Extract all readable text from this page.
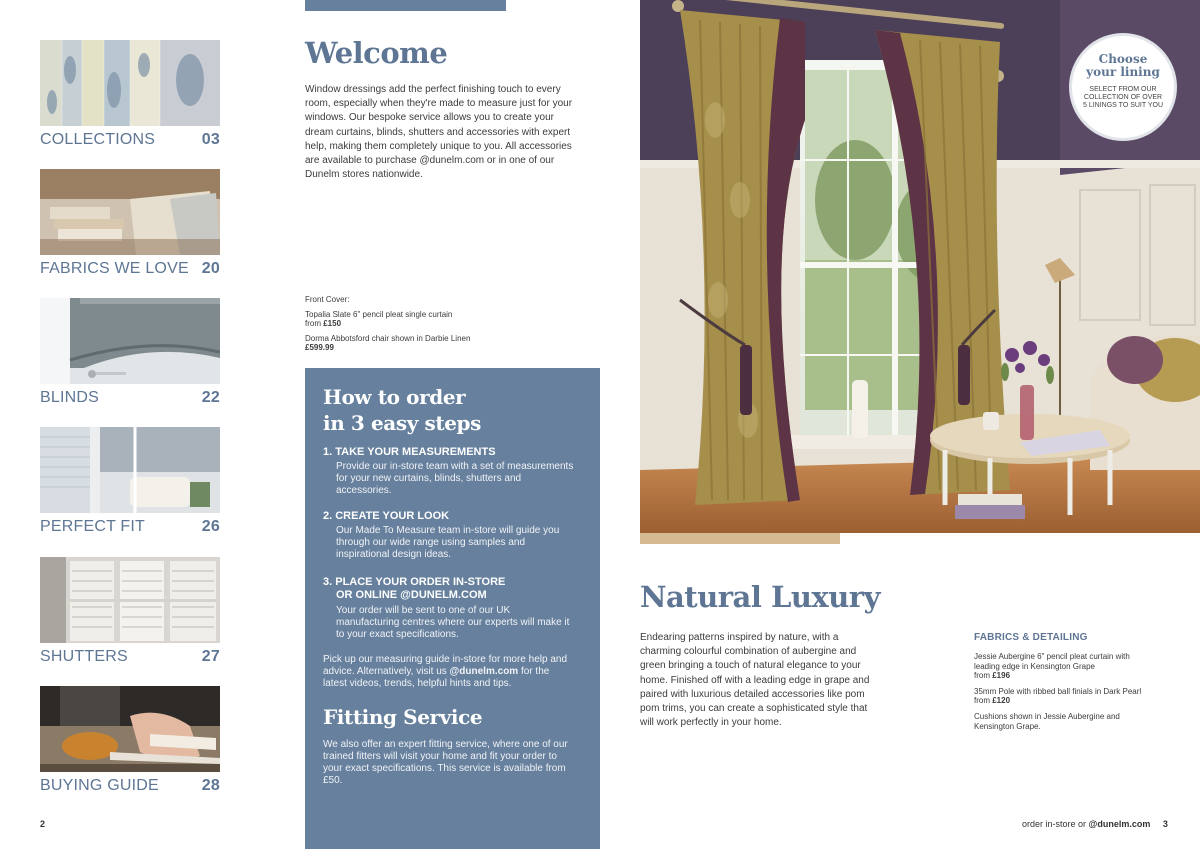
COLLECTIONS	03
FABRICS WE LOVE 20
BLINDS	22
PERFECT FIT	26
SHUTTERS	27
BUYING GUIDE	28
2
Welcome
Window dressings add the perfect finishing touch to every room, especially when they're made to measure just for your windows. Our bespoke service allows you to create your dream curtains, blinds, shutters and accessories with expert help, making them completely unique to you. All accessories are available to purchase @dunelm.com or in one of our Dunelm stores nationwide.

Front Cover:

Topalia Slate 6" pencil pleat single curtain
from £150

Dorma Abbotsford chair shown in Darbie Linen
£599.99

How to order
in 3 easy steps
1. TAKE YOUR MEASUREMENTS
Provide our in-store team with a set of measurements for your new curtains, blinds, shutters and accessories.
2. CREATE YOUR LOOK
Our Made To Measure team in-store will guide you through our wide range using samples and inspirational design ideas.
3. PLACE YOUR ORDER IN-STORE
OR ONLINE @DUNELM.COM
Your order will be sent to one of our UK manufacturing centres where our experts will make it to your exact specifications.
Pick up our measuring guide in-store for more help and advice. Alternatively, visit us @dunelm.com for the latest videos, trends, helpful hints and tips.
Fitting Service
We also offer an expert fitting service, where one of our trained fitters will visit your home and fit your order to your exact specifications. This service is available from £50.
Choose
your lining
SELECT FROM OUR COLLECTION OF OVER 5 LININGS TO SUIT YOU
Natural Luxury
Endearing patterns inspired by nature, with a charming colourful combination of aubergine and green bringing a touch of natural elegance to your home. Finished off with a leading edge in grape and paired with luxurious detailed accessories like pom pom trims, you can create a sophisticated style that will work perfectly in your home.
FABRICS & DETAILING

Jessie Aubergine 6" pencil pleat curtain with leading edge in Kensington Grape
from £196

35mm Pole with ribbed ball finials in Dark Pearl
from £120

Cushions shown in Jessie Aubergine and Kensington Grape.

order in-store or @dunelm.com 3
